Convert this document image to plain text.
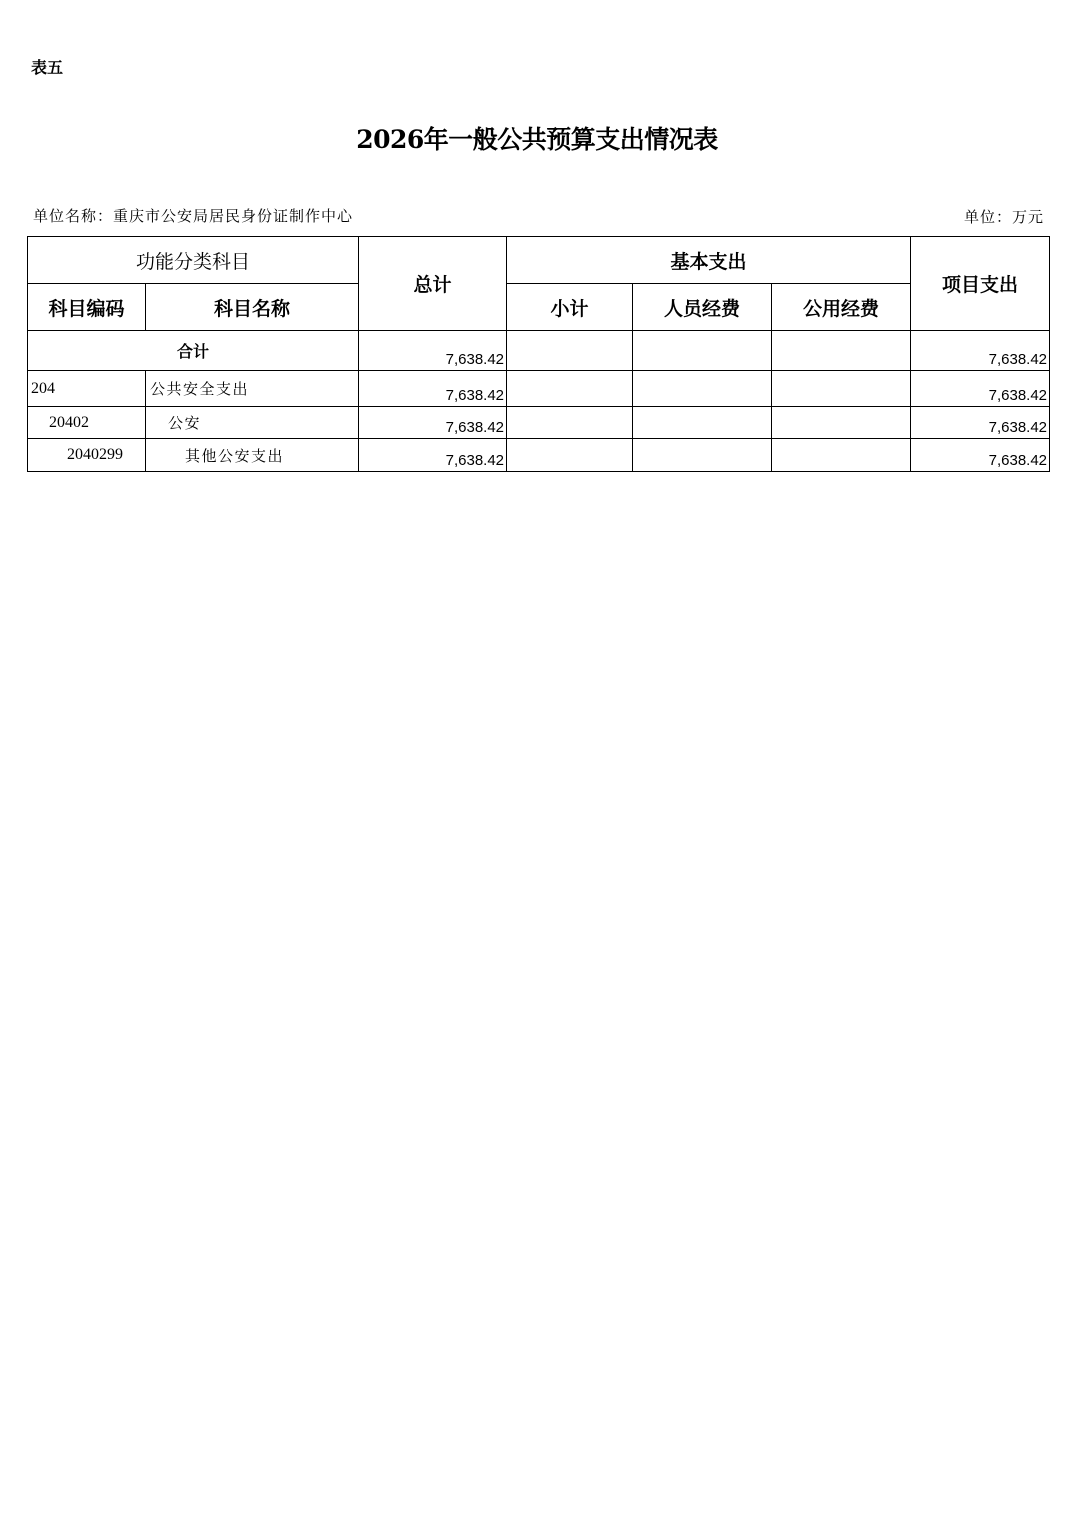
表五
2026年一般公共预算支出情况表
单位名称：重庆市公安局居民身份证制作中心	单位：万元
功能分类科目		总计	基本支出			项目支出
科目编码	科目名称		小计	人员经费	公用经费	
合计		7,638.42				7,638.42
204	公共安全支出	7,638.42				7,638.42
20402	公安	7,638.42				7,638.42
2040299	其他公安支出	7,638.42				7,638.42
